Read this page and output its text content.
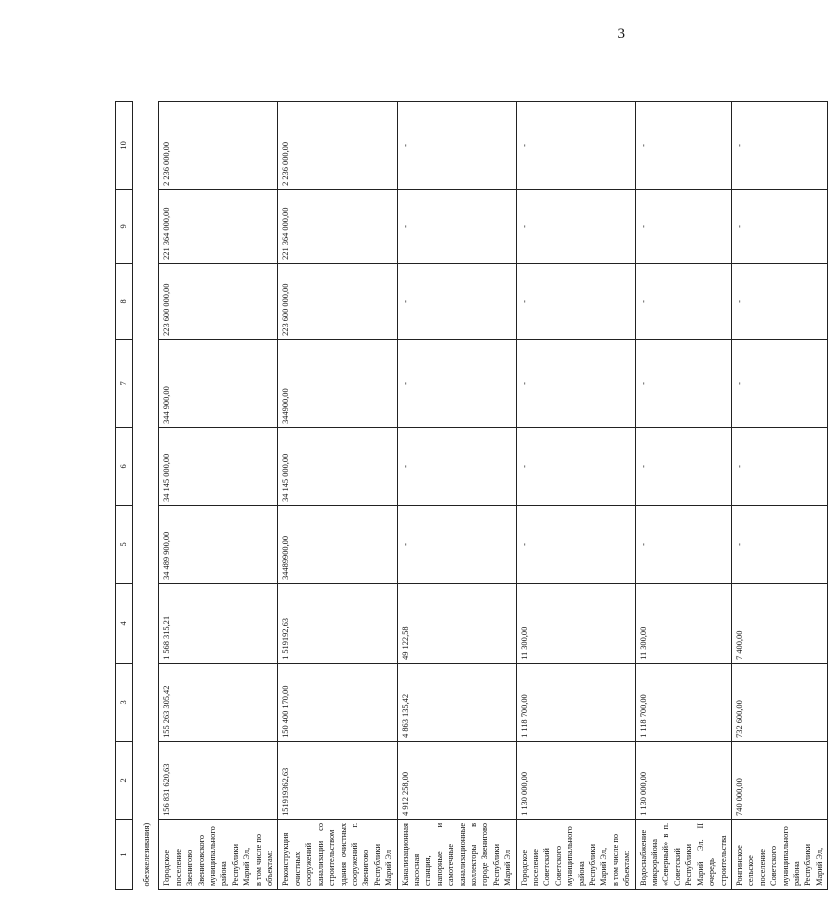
3
1	2	3	4	5	6	7	8	9	10
обезжелезивания)									

Городское поселение Звенигово Звениговского муниципального района Республики Марий Эл, в том числе по объектам:	156 831 620,63	155 263 305,42	1 568 315,21	34 489 900,00	34 145 000,00	344 900,00	223 600 000,00	221 364 000,00	2 236 000,00

Реконструкция очистных сооружений канализации со строительством здания очистных сооружений г. Звенигово Республики Марий Эл	151919362,63	150 400 170,00	1 519192,63	34489900,00	34 145 000,00	344900,00	223 600 000,00	221 364 000,00	2 236 000,00

Канализационная насосная станция, напорные и самотечные канализационные коллекторы в городе Звенигово Республики Марий Эл	4 912 258,00	4 863 135,42	49 122,58	-	-	-	-	-	-

Городское поселение Советский Советского муниципального района Республики Марий Эл, в том числе по объектам:	1 130 000,00	1 118 700,00	11 300,00	-	-	-	-	-	-

Водоснабжение микрорайона «Северный» в п. Советский Республики Марий Эл. II очередь строительства	1 130 000,00	1 118 700,00	11 300,00	-	-	-	-	-	-

Ронгинское сельское поселение Советского муниципального района Республики Марий Эл,	740 000,00	732 600,00	7 400,00	-	-	-	-	-	-
